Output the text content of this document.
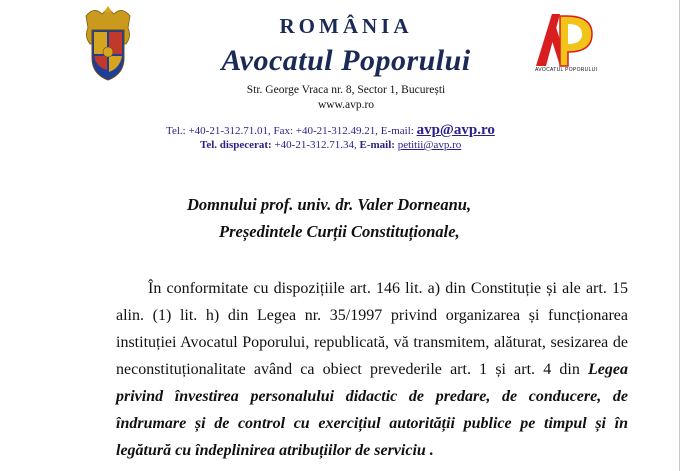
ROMÂNIA
Avocatul Poporului
Str. George Vraca nr. 8, Sector 1, București
www.avp.ro
AVOCATUL POPORULUI
Tel.: +40-21-312.71.01, Fax: +40-21-312.49.21, E-mail: avp@avp.ro
Tel. dispecerat: +40-21-312.71.34, E-mail: petitii@avp.ro
Domnului prof. univ. dr. Valer Dorneanu,
Președintele Curții Constituționale,

În conformitate cu dispozițiile art. 146 lit. a) din Constituție și ale art. 15 alin. (1) lit. h) din Legea nr. 35/1997 privind organizarea și funcționarea instituției Avocatul Poporului, republicată, vă transmitem, alăturat, sesizarea de neconstituționalitate având ca obiect prevederile art. 1 și art. 4 din Legea privind învestirea personalului didactic de predare, de conducere, de îndrumare și de control cu exercițiul autorității publice pe timpul și în legătură cu îndeplinirea atribuțiilor de serviciu .
